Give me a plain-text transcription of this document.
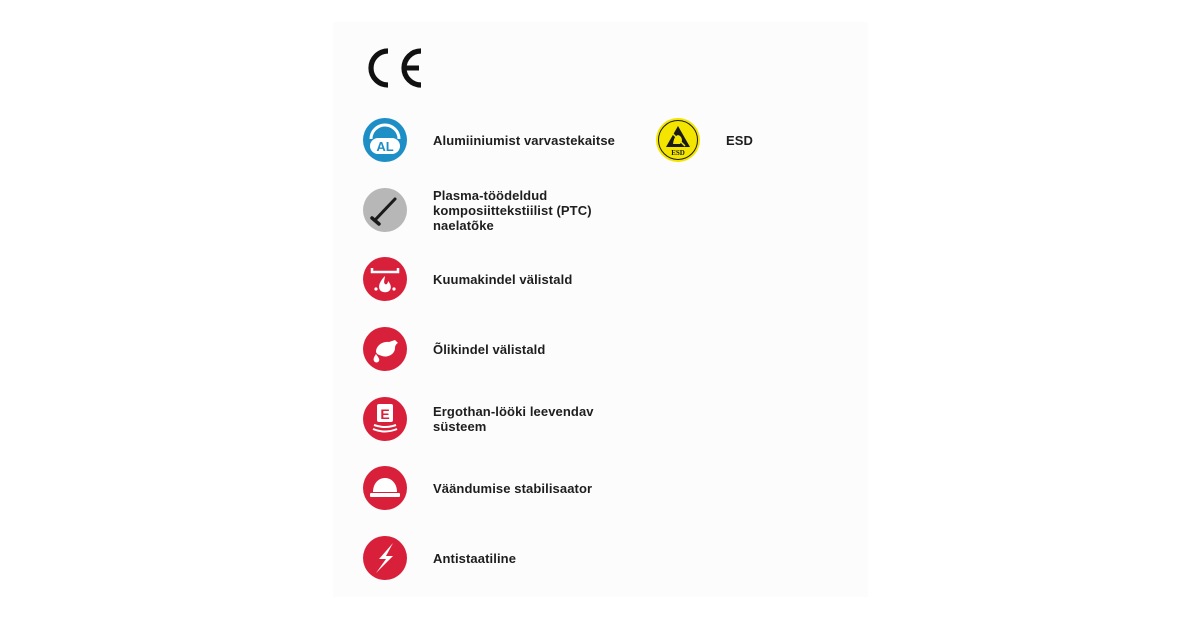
AL	Alumiiniumist varvastekaitse
ESD
ESD
Plasma-töödeldud
komposiittekstiilist (PTC)
naelatõke
Kuumakindel välistald
Õlikindel välistald
E	Ergothan-lööki leevendav
süsteem
Väändumise stabilisaator
Antistaatiline
